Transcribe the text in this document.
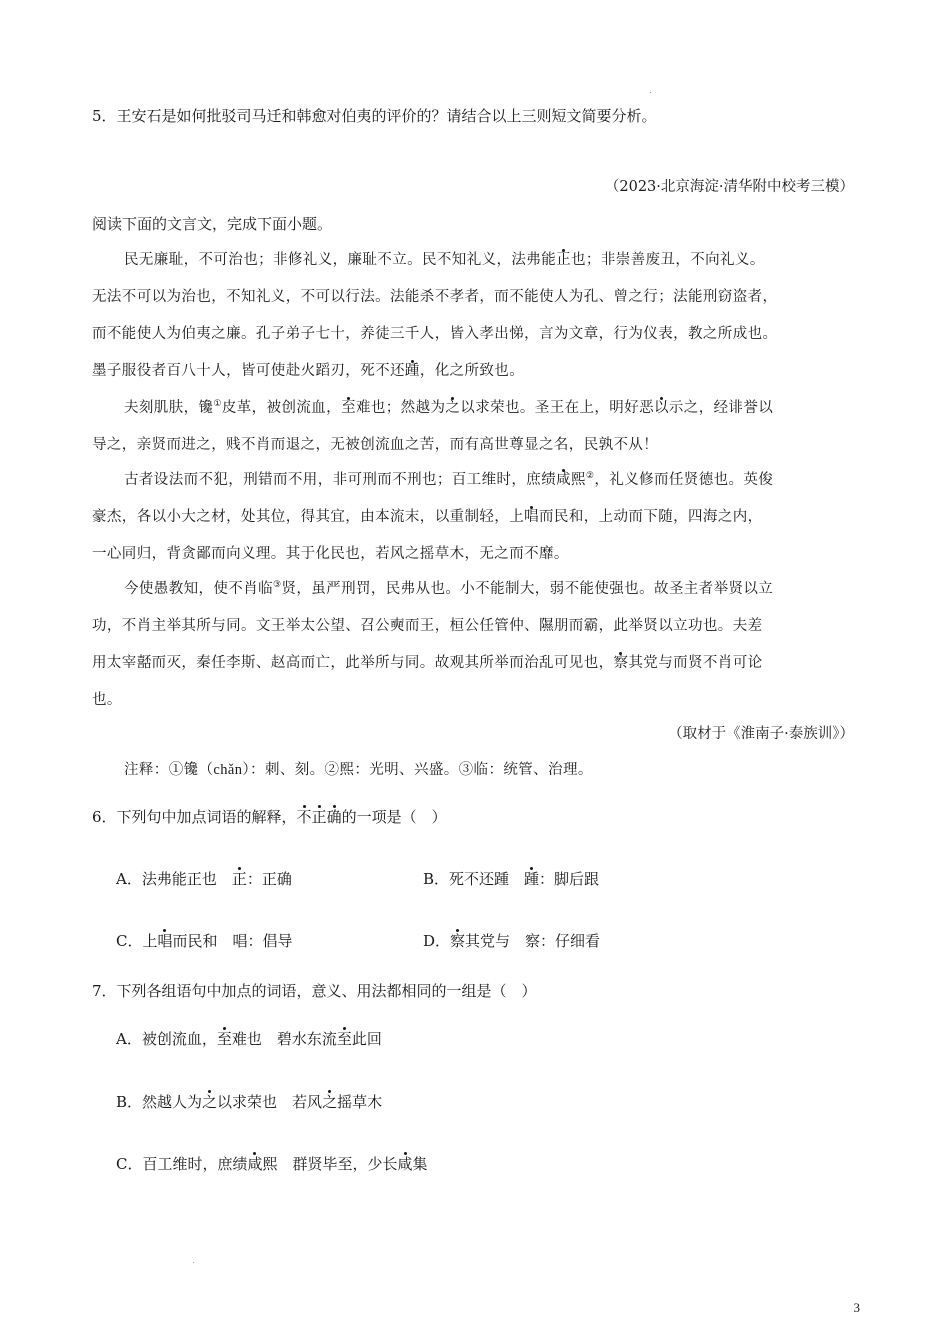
5．王安石是如何批驳司马迁和韩愈对伯夷的评价的？请结合以上三则短文简要分析。
（2023·北京海淀·清华附中校考三模）
阅读下面的文言文，完成下面小题。
民无廉耻，不可治也；非修礼义，廉耻不立。民不知礼义，法弗能正也；非崇善废丑，不向礼义。
无法不可以为治也，不知礼义，不可以行法。法能杀不孝者，而不能使人为孔、曾之行；法能刑窃盗者，
而不能使人为伯夷之廉。孔子弟子七十，养徒三千人，皆入孝出悌，言为文章，行为仪表，教之所成也。
墨子服役者百八十人，皆可使赴火蹈刃，死不还踵，化之所致也。
夫刻肌肤，镵①皮革，被创流血，至难也；然越为之以求荣也。圣王在上，明好恶以示之，经诽誉以
导之，亲贤而进之，贱不肖而退之，无被创流血之苦，而有高世尊显之名，民孰不从！
古者设法而不犯，刑错而不用，非可刑而不刑也；百工维时，庶绩咸熙②，礼义修而任贤德也。英俊
豪杰，各以小大之材，处其位，得其宜，由本流末，以重制轻，上唱而民和，上动而下随，四海之内，
一心同归，背贪鄙而向义理。其于化民也，若风之摇草木，无之而不靡。
今使愚教知，使不肖临③贤，虽严刑罚，民弗从也。小不能制大，弱不能使强也。故圣主者举贤以立
功，不肖主举其所与同。文王举太公望、召公奭而王，桓公任管仲、隰朋而霸，此举贤以立功也。夫差
用太宰嚭而灭，秦任李斯、赵高而亡，此举所与同。故观其所举而治乱可见也，察其党与而贤不肖可论
也。
（取材于《淮南子·泰族训》）
注释：①镵（chǎn）：刺、刻。②熙：光明、兴盛。③临：统管、治理。
6．下列句中加点词语的解释，不正确的一项是（　）
A．法弗能正也　正：正确	B．死不还踵　踵：脚后跟
C．上唱而民和　唱：倡导	D．察其党与　察：仔细看
7．下列各组语句中加点的词语，意义、用法都相同的一组是（　）
A．被创流血，至难也　碧水东流至此回
B．然越人为之以求荣也　若风之摇草木
C．百工维时，庶绩咸熙　群贤毕至，少长咸集
3
